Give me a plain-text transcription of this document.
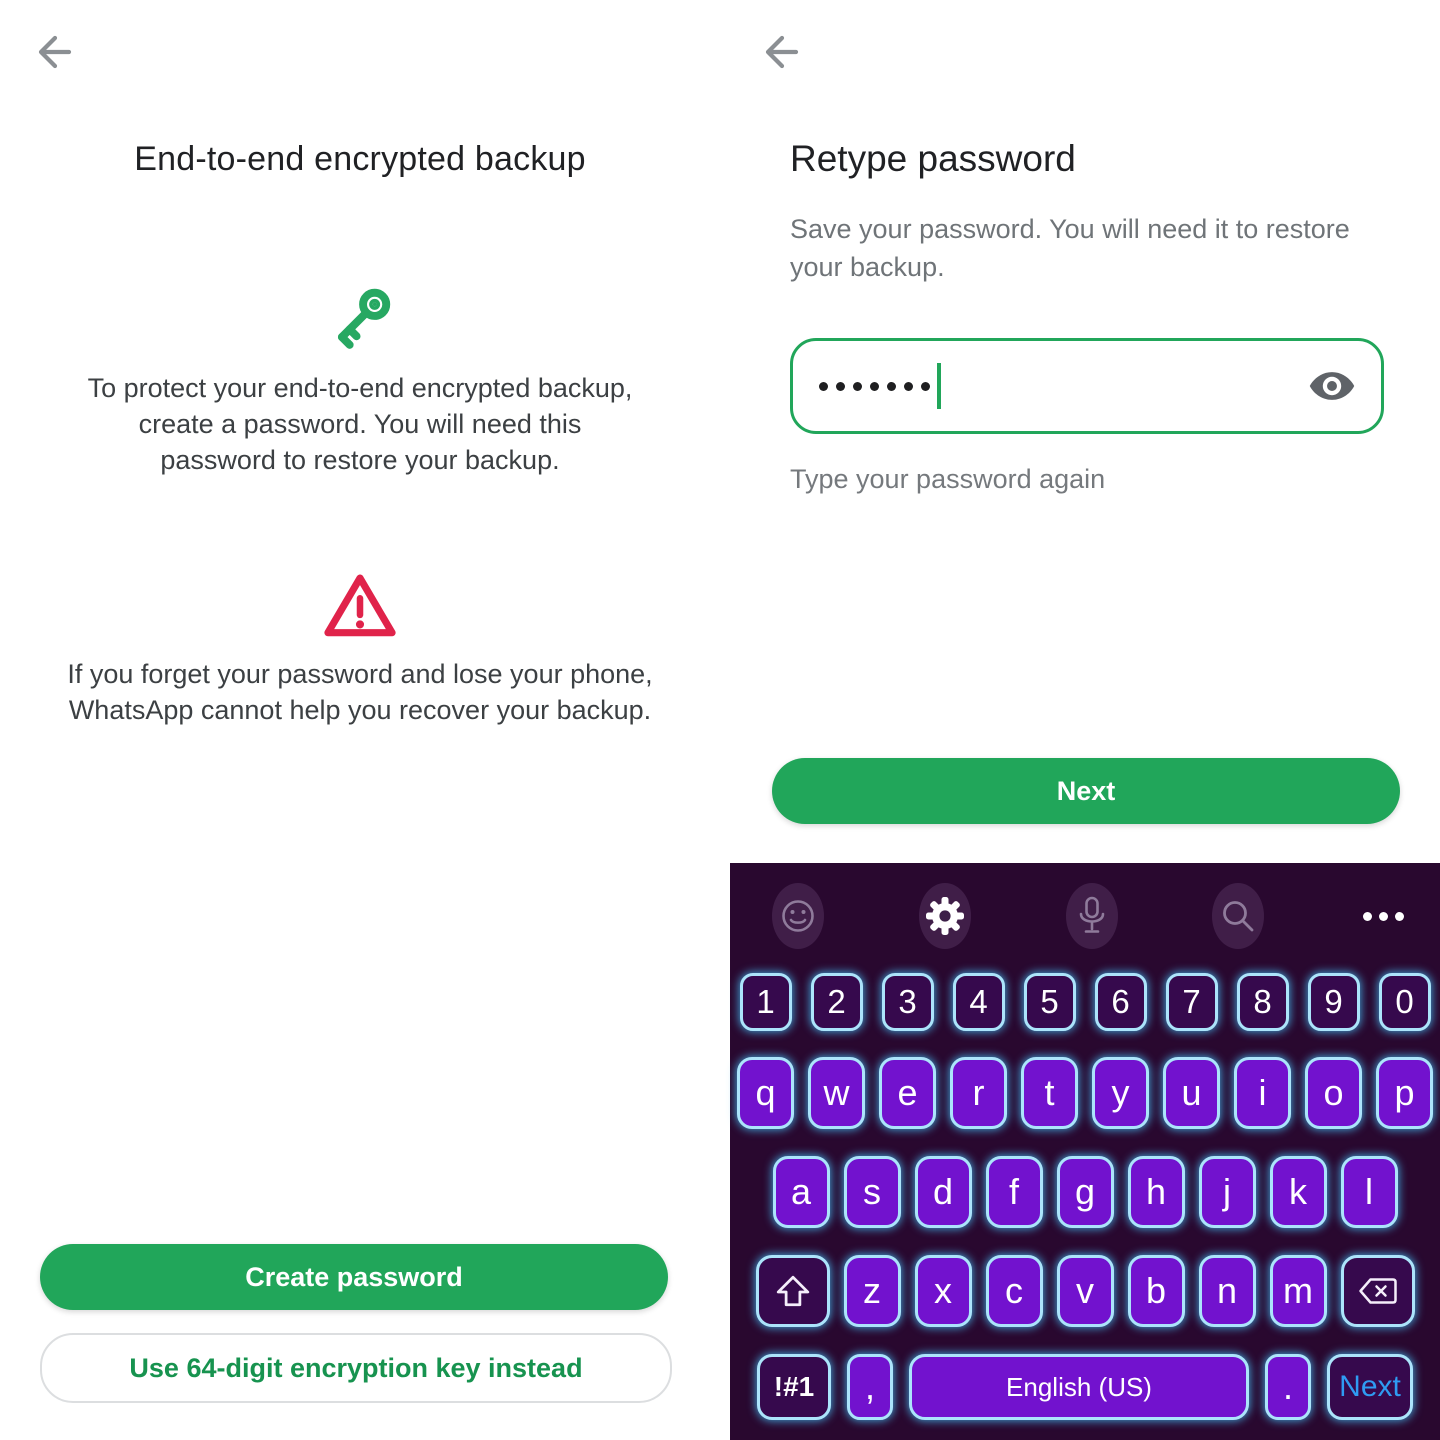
End-to-end encrypted backup
To protect your end-to-end encrypted backup, create a password. You will need this password to restore your backup.
If you forget your password and lose your phone, WhatsApp cannot help you recover your backup.
Create password
Use 64-digit encryption key instead
Retype password
Save your password. You will need it to restore your backup.
Type your password again
Next
1	2	3	4	5	6	7	8	9	0
q	w	e	r	t	y	u	i	o	p
a	s	d	f	g	h	j	k	l
z	x	c	v	b	n	m
!#1	,	English (US)	.	Next
